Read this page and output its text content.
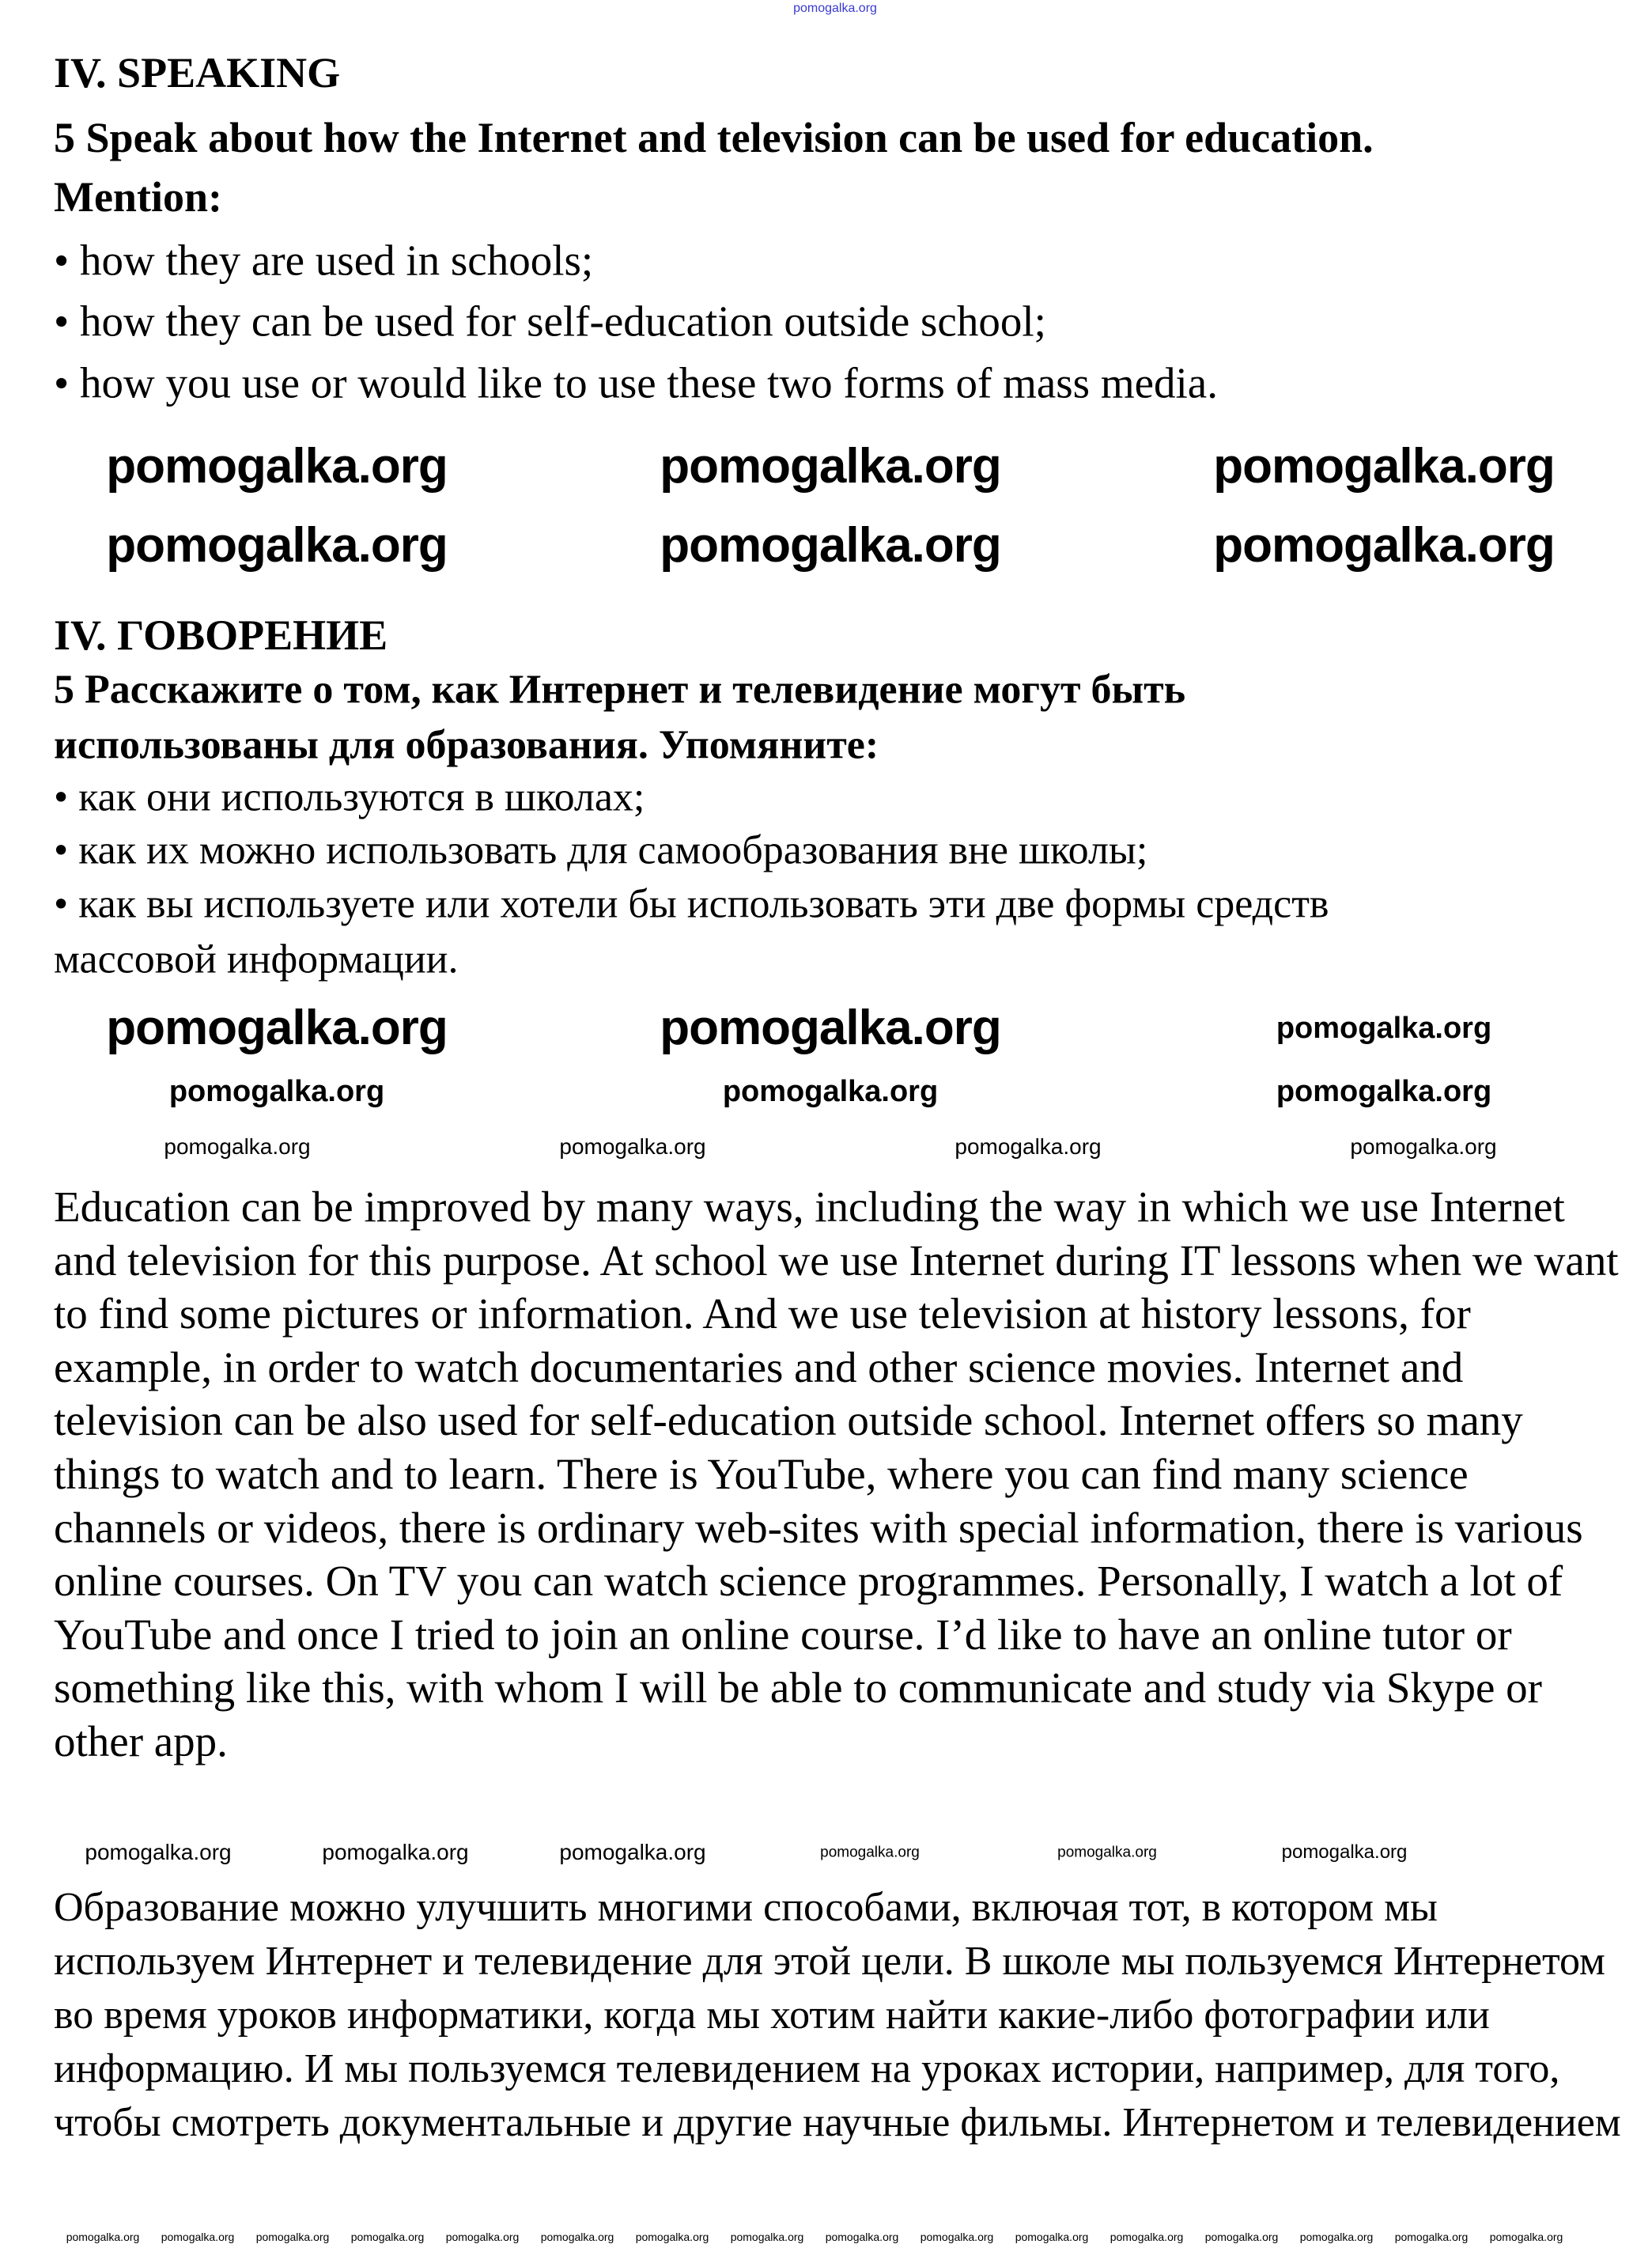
IV. SPEAKING
5 Speak about how the Internet and television can be used for education.
Mention:
• how they are used in schools;
• how they can be used for self-education outside school;
• how you use or would like to use these two forms of mass media.
IV. ГОВОРЕНИЕ
5 Расскажите о том, как Интернет и телевидение могут быть
использованы для образования. Упомяните:
• как они используются в школах;
• как их можно использовать для самообразования вне школы;
• как вы используете или хотели бы использовать эти две формы средств
массовой информации.

Education can be improved by many ways, including the way in which we use Internet and television for this purpose. At school we use Internet during IT lessons when we want to find some pictures or information. And we use television at history lessons, for example, in order to watch documentaries and other science movies. Internet and television can be also used for self-education outside school. Internet offers so many things to watch and to learn. There is YouTube, where you can find many science channels or videos, there is ordinary web-sites with special information, there is various online courses. On TV you can watch science programmes. Personally, I watch a lot of YouTube and once I tried to join an online course. I’d like to have an online tutor or something like this, with whom I will be able to communicate and study via Skype or other app.

Образование можно улучшить многими способами, включая тот, в котором мы используем Интернет и телевидение для этой цели. В школе мы пользуемся Интернетом во время уроков информатики, когда мы хотим найти какие-либо фотографии или информацию. И мы пользуемся телевидением на уроках истории, например, для того, чтобы смотреть документальные и другие научные фильмы. Интернетом и телевидением

pomogalka.org
pomogalka.org	pomogalka.org	pomogalka.org
pomogalka.org	pomogalka.org	pomogalka.org
pomogalka.org	pomogalka.org	pomogalka.org
pomogalka.org	pomogalka.org	pomogalka.org
pomogalka.org	pomogalka.org	pomogalka.org	pomogalka.org
pomogalka.org	pomogalka.org	pomogalka.org	pomogalka.org	pomogalka.org	pomogalka.org
pomogalka.org pomogalka.org pomogalka.org pomogalka.org pomogalka.org pomogalka.org pomogalka.org pomogalka.org pomogalka.org pomogalka.org pomogalka.org pomogalka.org pomogalka.org pomogalka.org pomogalka.org pomogalka.org
